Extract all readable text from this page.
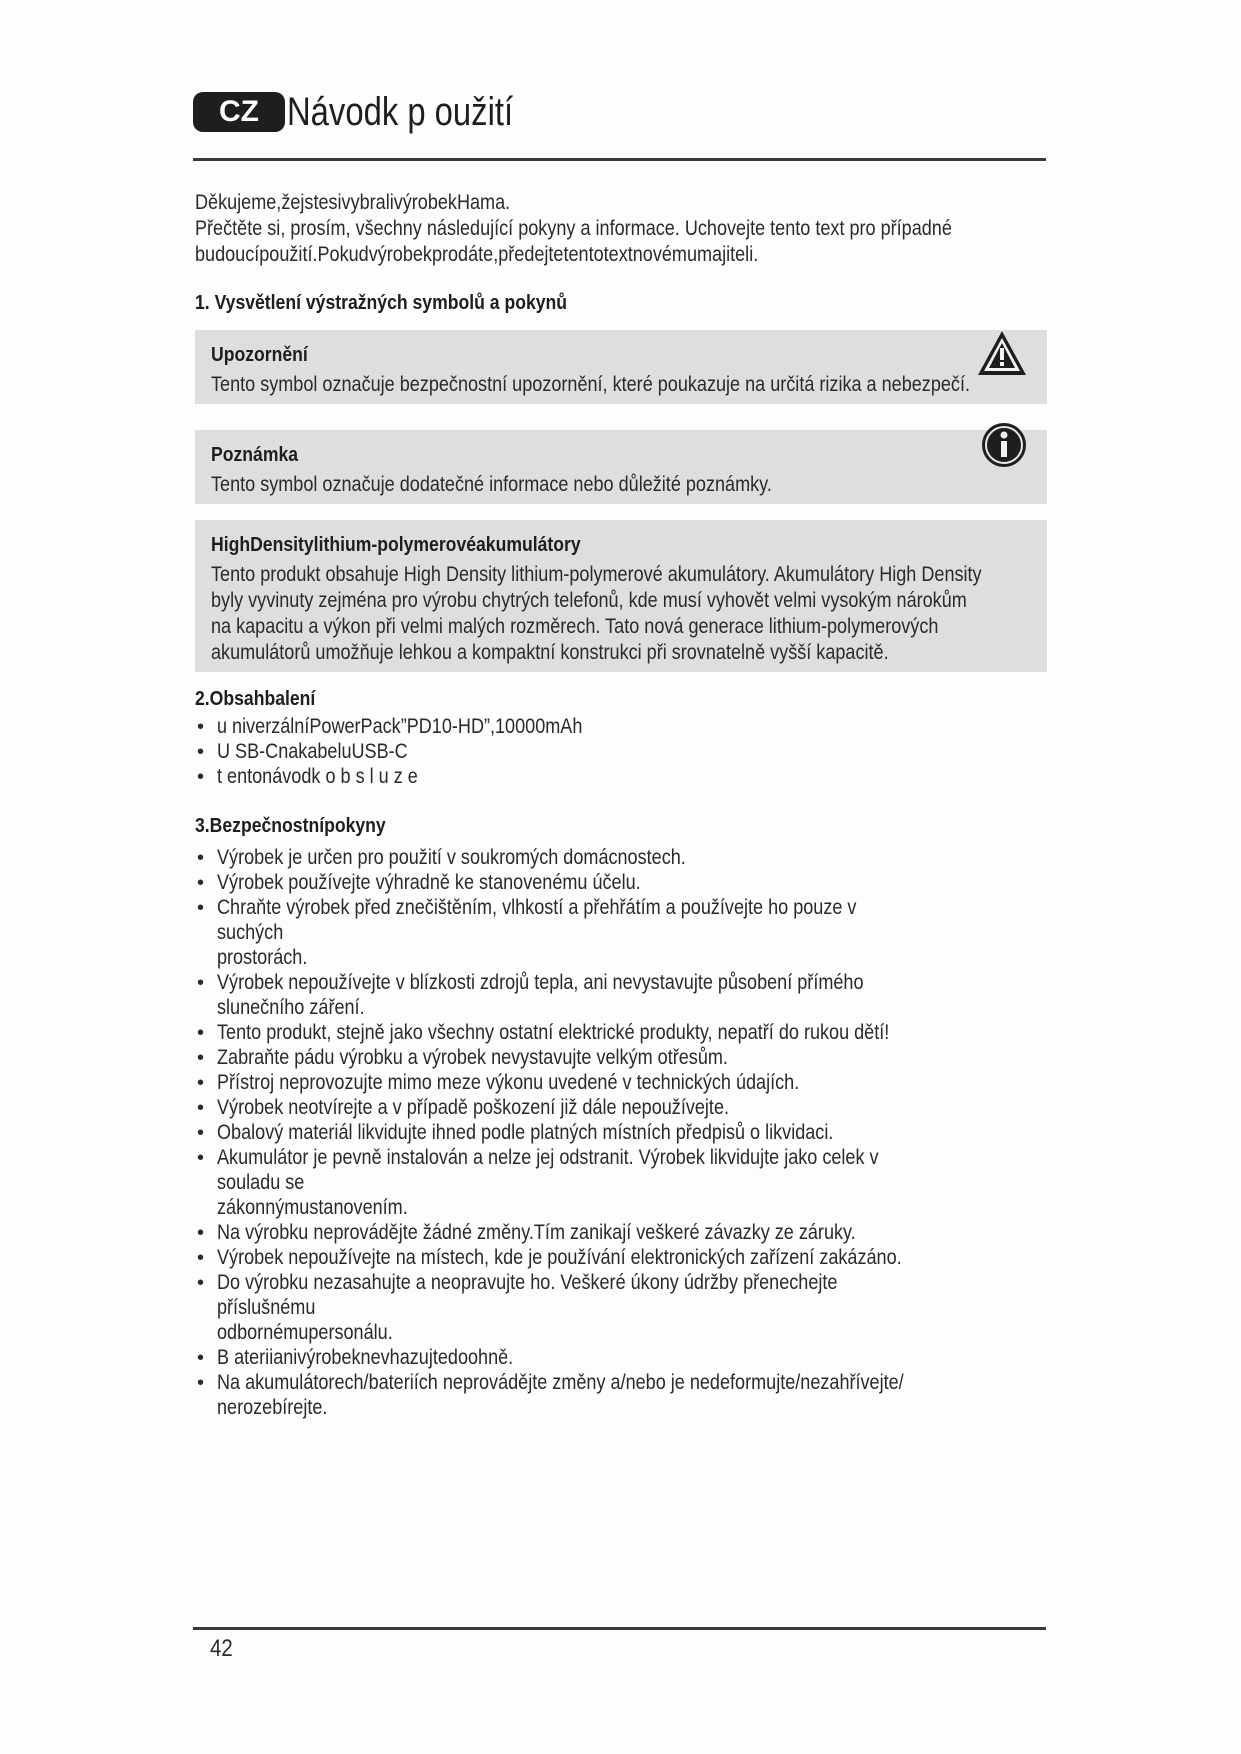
CZ Návodk p oužití
Děkujeme,žejstesivybralivýrobekHama.
Přečtěte si, prosím, všechny následující pokyny a informace. Uchovejte tento text pro případné
budoucípoužití.Pokudvýrobekprodáte,předejtetentotextnovémumajiteli.
1. Vysvětlení výstražných symbolů a pokynů
Upozornění
Tento symbol označuje bezpečnostní upozornění, které poukazuje na určitá rizika a nebezpečí.
Poznámka
Tento symbol označuje dodatečné informace nebo důležité poznámky.
HighDensitylithium-polymerovéakumulátory
Tento produkt obsahuje High Density lithium-polymerové akumulátory. Akumulátory High Density
byly vyvinuty zejména pro výrobu chytrých telefonů, kde musí vyhovět velmi vysokým nárokům
na kapacitu a výkon při velmi malých rozměrech. Tato nová generace lithium-polymerových
akumulátorů umožňuje lehkou a kompaktní konstrukci při srovnatelně vyšší kapacitě.
2.Obsahbalení
• u niverzálníPowerPack”PD10-HD”,10000mAh
• U SB-CnakabeluUSB-C
• t entonávodk o b s l u z e
3.Bezpečnostnípokyny
• Výrobek je určen pro použití v soukromých domácnostech.
• Výrobek používejte výhradně ke stanovenému účelu.
• Chraňte výrobek před znečištěním, vlhkostí a přehřátím a používejte ho pouze v suchých
prostorách.
• Výrobek nepoužívejte v blízkosti zdrojů tepla, ani nevystavujte působení přímého slunečního záření.
• Tento produkt, stejně jako všechny ostatní elektrické produkty, nepatří do rukou dětí!
• Zabraňte pádu výrobku a výrobek nevystavujte velkým otřesům.
• Přístroj neprovozujte mimo meze výkonu uvedené v technických údajích.
• Výrobek neotvírejte a v případě poškození již dále nepoužívejte.
• Obalový materiál likvidujte ihned podle platných místních předpisů o likvidaci.
• Akumulátor je pevně instalován a nelze jej odstranit. Výrobek likvidujte jako celek v souladu se
zákonnýmustanovením.
• Na výrobku neprovádějte žádné změny.Tím zanikají veškeré závazky ze záruky.
• Výrobek nepoužívejte na místech, kde je používání elektronických zařízení zakázáno.
• Do výrobku nezasahujte a neopravujte ho. Veškeré úkony údržby přenechejte příslušnému
odbornémupersonálu.
• B ateriianivýrobeknevhazujtedoohně.
• Na akumulátorech/bateriích neprovádějte změny a/nebo je nedeformujte/nezahřívejte/
nerozebírejte.
42
